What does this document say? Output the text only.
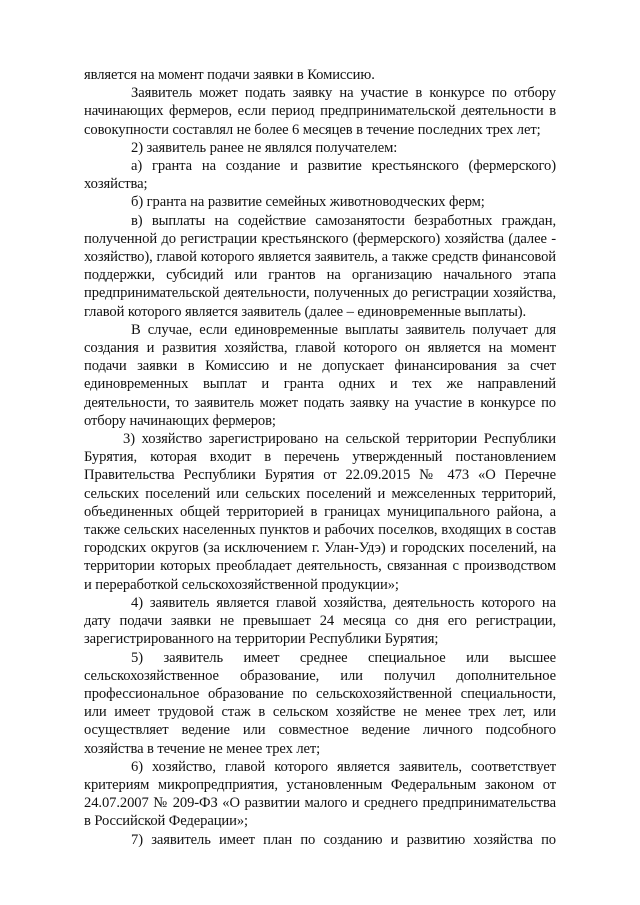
является на момент подачи заявки в Комиссию.

Заявитель может подать заявку на участие в конкурсе по отбору начинающих фермеров, если период предпринимательской деятельности в совокупности составлял не более 6 месяцев в течение последних трех лет;

2) заявитель ранее не являлся получателем:

а) гранта на создание и развитие крестьянского (фермерского) хозяйства;

б) гранта на развитие семейных животноводческих ферм;

в) выплаты на содействие самозанятости безработных граждан, полученной до регистрации крестьянского (фермерского) хозяйства (далее - хозяйство), главой которого является заявитель, а также средств финансовой поддержки, субсидий или грантов на организацию начального этапа предпринимательской деятельности, полученных до регистрации хозяйства, главой которого является заявитель (далее – единовременные выплаты).

В случае, если единовременные выплаты заявитель получает для создания и развития хозяйства, главой которого он является на момент подачи заявки в Комиссию и не допускает финансирования за счет единовременных выплат и гранта одних и тех же направлений деятельности, то заявитель может подать заявку на участие в конкурсе по отбору начинающих фермеров;

3) хозяйство зарегистрировано на сельской территории Республики Бурятия, которая входит в перечень утвержденный постановлением Правительства Республики Бурятия от 22.09.2015 № 473 «О Перечне сельских поселений или сельских поселений и межселенных территорий, объединенных общей территорией в границах муниципального района, а также сельских населенных пунктов и рабочих поселков, входящих в состав городских округов (за исключением г. Улан-Удэ) и городских поселений, на территории которых преобладает деятельность, связанная с производством и переработкой сельскохозяйственной продукции»;

4) заявитель является главой хозяйства, деятельность которого на дату подачи заявки не превышает 24 месяца со дня его регистрации, зарегистрированного на территории Республики Бурятия;

5) заявитель имеет среднее специальное или высшее сельскохозяйственное образование, или получил дополнительное профессиональное образование по сельскохозяйственной специальности, или имеет трудовой стаж в сельском хозяйстве не менее трех лет, или осуществляет ведение или совместное ведение личного подсобного хозяйства в течение не менее трех лет;

6) хозяйство, главой которого является заявитель, соответствует критериям микропредприятия, установленным Федеральным законом от 24.07.2007 № 209-ФЗ «О развитии малого и среднего предпринимательства в Российской Федерации»;

7) заявитель имеет план по созданию и развитию хозяйства по
